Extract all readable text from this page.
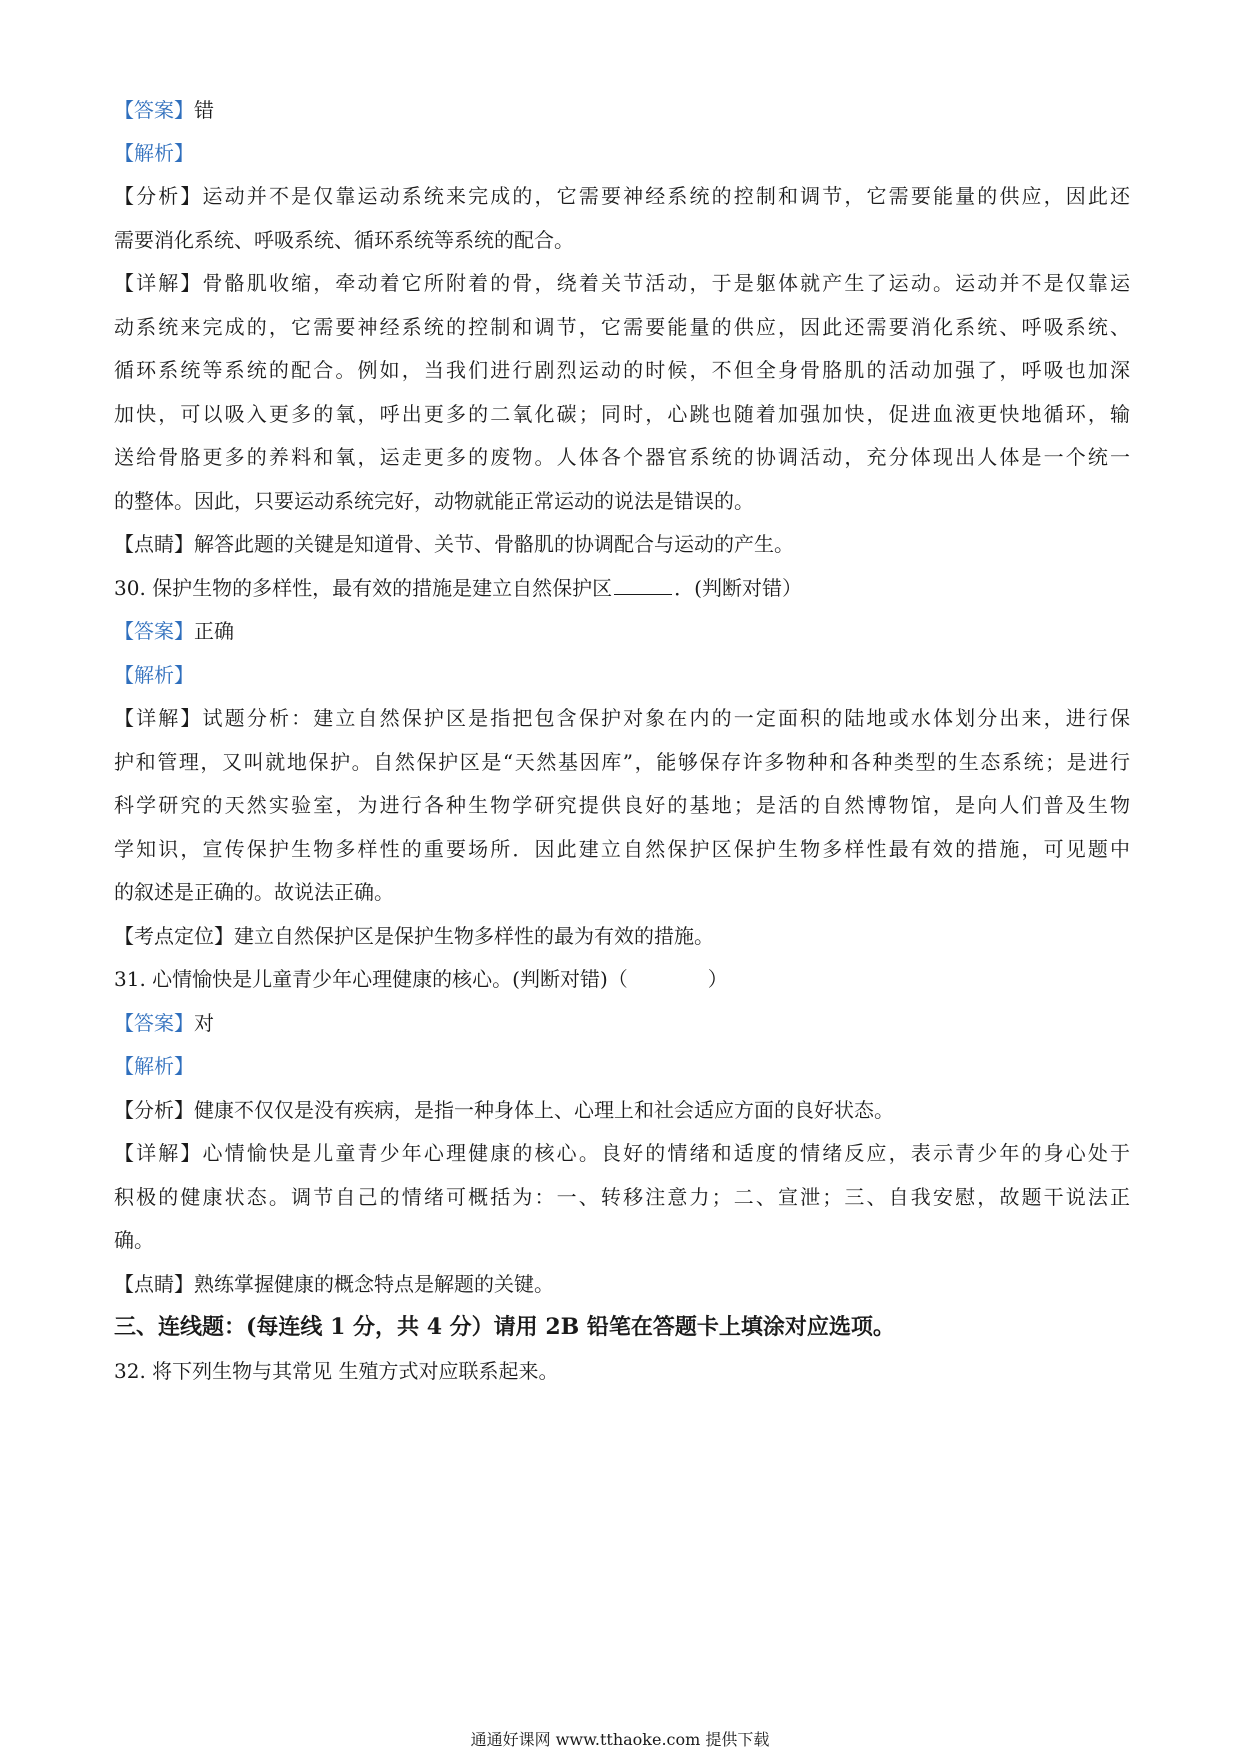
【答案】错
【解析】
【分析】运动并不是仅靠运动系统来完成的，它需要神经系统的控制和调节，它需要能量的供应，因此还
需要消化系统、呼吸系统、循环系统等系统的配合。
【详解】骨骼肌收缩，牵动着它所附着的骨，绕着关节活动，于是躯体就产生了运动。运动并不是仅靠运
动系统来完成的，它需要神经系统的控制和调节，它需要能量的供应，因此还需要消化系统、呼吸系统、
循环系统等系统的配合。例如，当我们进行剧烈运动的时候，不但全身骨胳肌的活动加强了，呼吸也加深
加快，可以吸入更多的氧，呼出更多的二氧化碳；同时，心跳也随着加强加快，促进血液更快地循环，输
送给骨胳更多的养料和氧，运走更多的废物。人体各个器官系统的协调活动，充分体现出人体是一个统一
的整体。因此，只要运动系统完好，动物就能正常运动的说法是错误的。
【点睛】解答此题的关键是知道骨、关节、骨骼肌的协调配合与运动的产生。
30. 保护生物的多样性，最有效的措施是建立自然保护区	．(判断对错）
【答案】正确
【解析】
【详解】试题分析：建立自然保护区是指把包含保护对象在内的一定面积的陆地或水体划分出来，进行保
护和管理，又叫就地保护。自然保护区是“天然基因库”，能够保存许多物种和各种类型的生态系统；是进行
科学研究的天然实验室，为进行各种生物学研究提供良好的基地；是活的自然博物馆，是向人们普及生物
学知识，宣传保护生物多样性的重要场所．因此建立自然保护区保护生物多样性最有效的措施，可见题中
的叙述是正确的。故说法正确。
【考点定位】建立自然保护区是保护生物多样性的最为有效的措施。
31. 心情愉快是儿童青少年心理健康的核心。(判断对错)（	）
【答案】对
【解析】
【分析】健康不仅仅是没有疾病，是指一种身体上、心理上和社会适应方面的良好状态。
【详解】心情愉快是儿童青少年心理健康的核心。良好的情绪和适度的情绪反应，表示青少年的身心处于
积极的健康状态。调节自己的情绪可概括为：一、转移注意力；二、宣泄；三、自我安慰，故题干说法正
确。
【点睛】熟练掌握健康的概念特点是解题的关键。
三、连线题：(每连线 1 分，共 4 分）请用 2B 铅笔在答题卡上填涂对应选项。
32. 将下列生物与其常见 生殖方式对应联系起来。
通通好课网 www.tthaoke.com 提供下载
